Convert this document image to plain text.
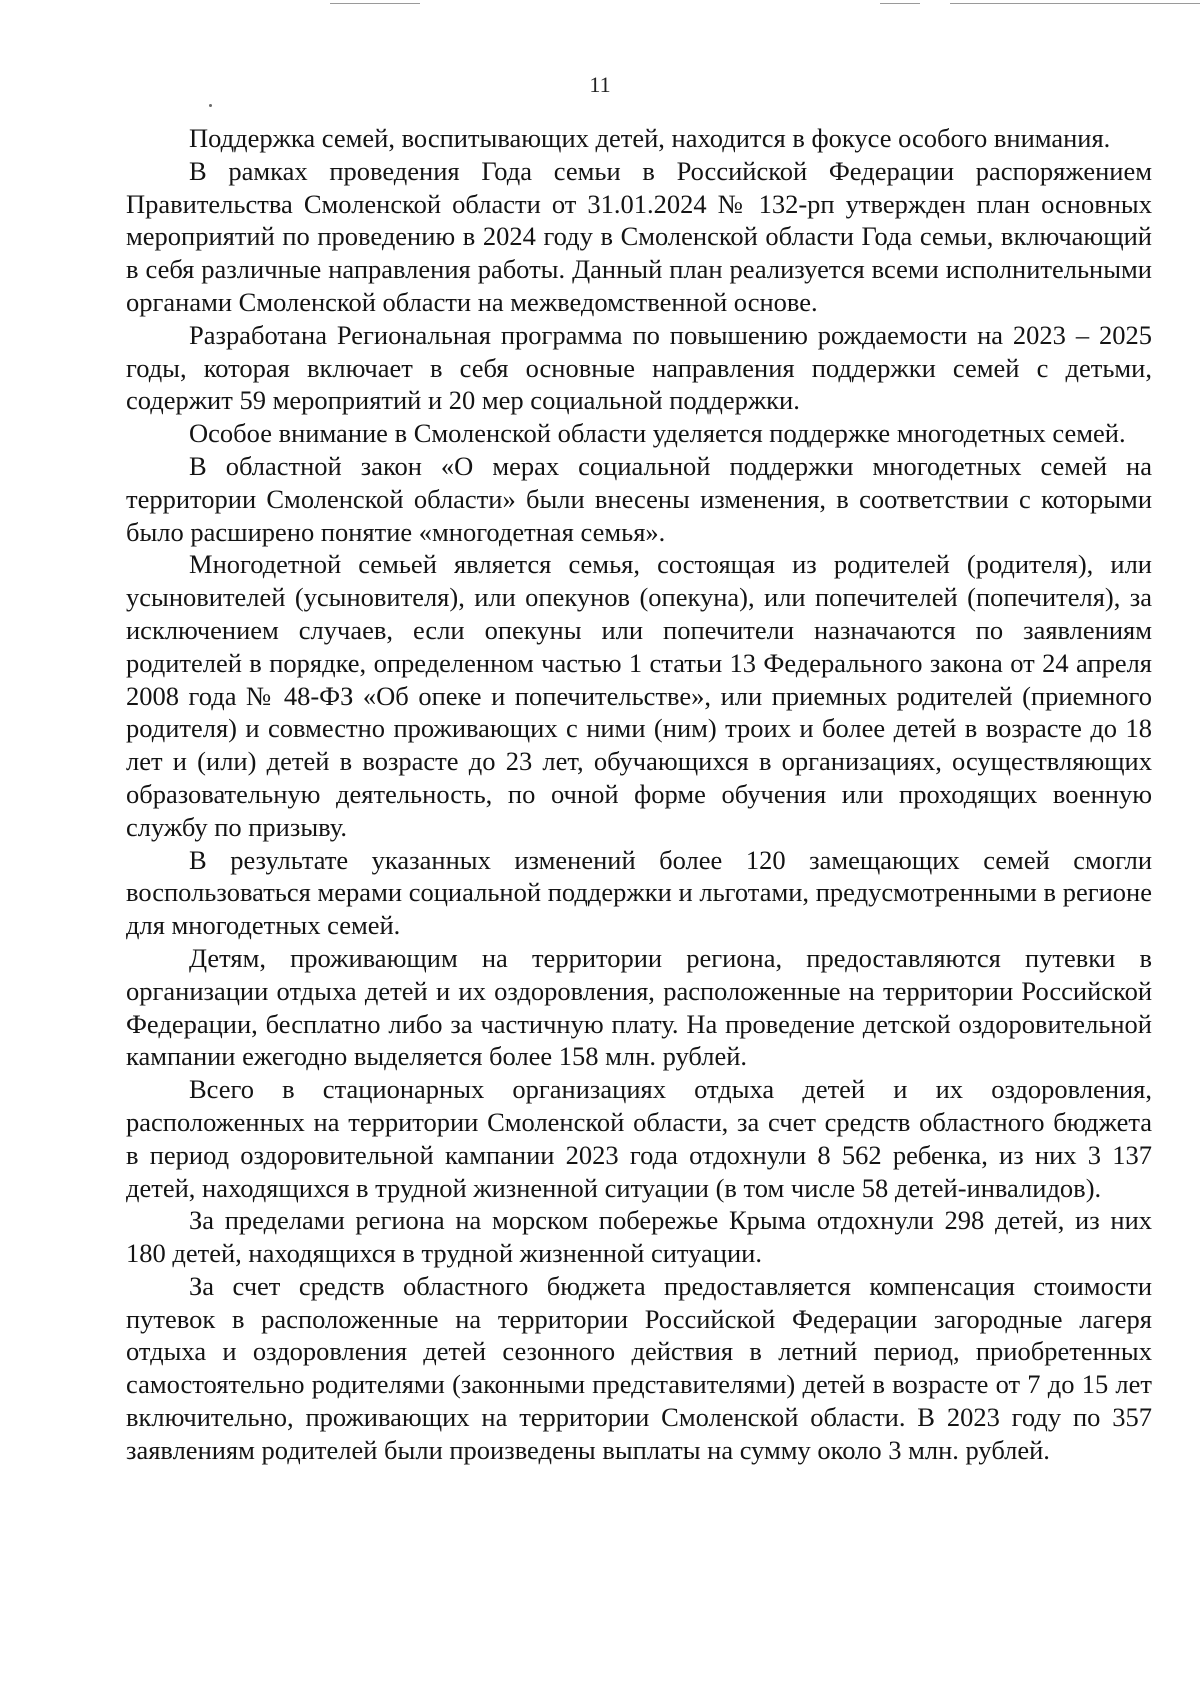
11

Поддержка семей, воспитывающих детей, находится в фокусе особого внимания.

В рамках проведения Года семьи в Российской Федерации распоряжением Правительства Смоленской области от 31.01.2024 № 132-рп утвержден план основных мероприятий по проведению в 2024 году в Смоленской области Года семьи, включающий в себя различные направления работы. Данный план реализуется всеми исполнительными органами Смоленской области на межведомственной основе.

Разработана Региональная программа по повышению рождаемости на 2023 – 2025 годы, которая включает в себя основные направления поддержки семей с детьми, содержит 59 мероприятий и 20 мер социальной поддержки.

Особое внимание в Смоленской области уделяется поддержке многодетных семей.

В областной закон «О мерах социальной поддержки многодетных семей на территории Смоленской области» были внесены изменения, в соответствии с которыми было расширено понятие «многодетная семья».

Многодетной семьей является семья, состоящая из родителей (родителя), или усыновителей (усыновителя), или опекунов (опекуна), или попечителей (попечителя), за исключением случаев, если опекуны или попечители назначаются по заявлениям родителей в порядке, определенном частью 1 статьи 13 Федерального закона от 24 апреля 2008 года № 48-ФЗ «Об опеке и попечительстве», или приемных родителей (приемного родителя) и совместно проживающих с ними (ним) троих и более детей в возрасте до 18 лет и (или) детей в возрасте до 23 лет, обучающихся в организациях, осуществляющих образовательную деятельность, по очной форме обучения или проходящих военную службу по призыву.

В результате указанных изменений более 120 замещающих семей смогли воспользоваться мерами социальной поддержки и льготами, предусмотренными в регионе для многодетных семей.

Детям, проживающим на территории региона, предоставляются путевки в организации отдыха детей и их оздоровления, расположенные на территории Российской Федерации, бесплатно либо за частичную плату. На проведение детской оздоровительной кампании ежегодно выделяется более 158 млн. рублей.

Всего в стационарных организациях отдыха детей и их оздоровления, расположенных на территории Смоленской области, за счет средств областного бюджета в период оздоровительной кампании 2023 года отдохнули 8 562 ребенка, из них 3 137 детей, находящихся в трудной жизненной ситуации (в том числе 58 детей-инвалидов).

За пределами региона на морском побережье Крыма отдохнули 298 детей, из них 180 детей, находящихся в трудной жизненной ситуации.

За счет средств областного бюджета предоставляется компенсация стоимости путевок в расположенные на территории Российской Федерации загородные лагеря отдыха и оздоровления детей сезонного действия в летний период, приобретенных самостоятельно родителями (законными представителями) детей в возрасте от 7 до 15 лет включительно, проживающих на территории Смоленской области. В 2023 году по 357 заявлениям родителей были произведены выплаты на сумму около 3 млн. рублей.
